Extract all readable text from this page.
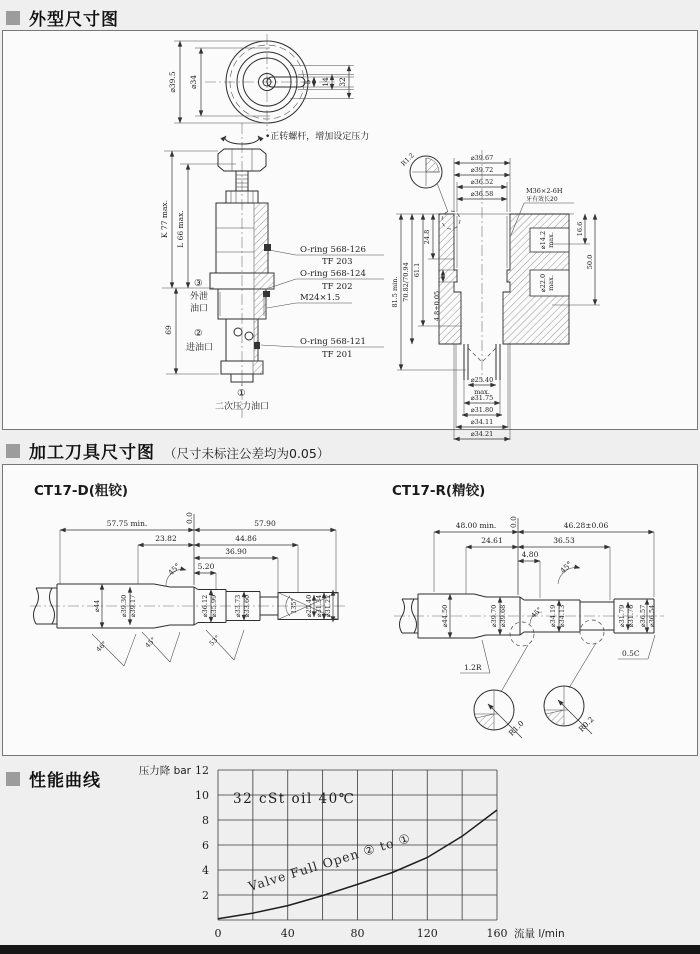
外型尺寸图
⌀39.5 ⌀34	5 14 32
•正转螺杆，增加设定压力
K 77 max. L 66 max.
69
O-ring 568-126
TF 203
O-ring 568-124
TF 202
M24×1.5
O-ring 568-121
TF 201
③
外泄
油口
②
进油口
①
二次压力油口
⌀39.67
⌀39.72
⌀36.52
⌀36.58
R1.2
81.5 min. 70.82/70.94 61.1
24.8
4.8±0.05
M36×2-6H
牙有效长20
16.6
⌀14.2 max.
50.0
⌀22.0 max.
⌀25.40
max.
⌀31.75
⌀31.80
⌀34.11
⌀34.21
加工刀具尺寸图 （尺寸未标注公差均为0.05）
CT17-D(粗铰)	CT17-R(精铰)
0.0
57.75 min.	57.90
23.82	44.86
36.90
5.20
45°
⌀44	⌀39.30 ⌀39.17	⌀36.12 ⌀35.99 ⌀33.73 ⌀33.60	135° ⌀25.40 ⌀31.34 ⌀31.22
46°	45°	53°
0.0
48.00 min.	46.28±0.06
24.61	36.53
4.80
45°
45°
⌀44.50	⌀39.70 ⌀39.68	⌀34.19 ⌀34.13	⌀31.79 ⌀31.76 ⌀36.57 ⌀36.54
1.2R
0.5C
R1.0	R0.2
性能曲线
2
4
6
8
10
12
0	40	80	120	160
压力降 bar
流量 l/min
32 cSt oil 40℃
Valve Full Open ② to ①
